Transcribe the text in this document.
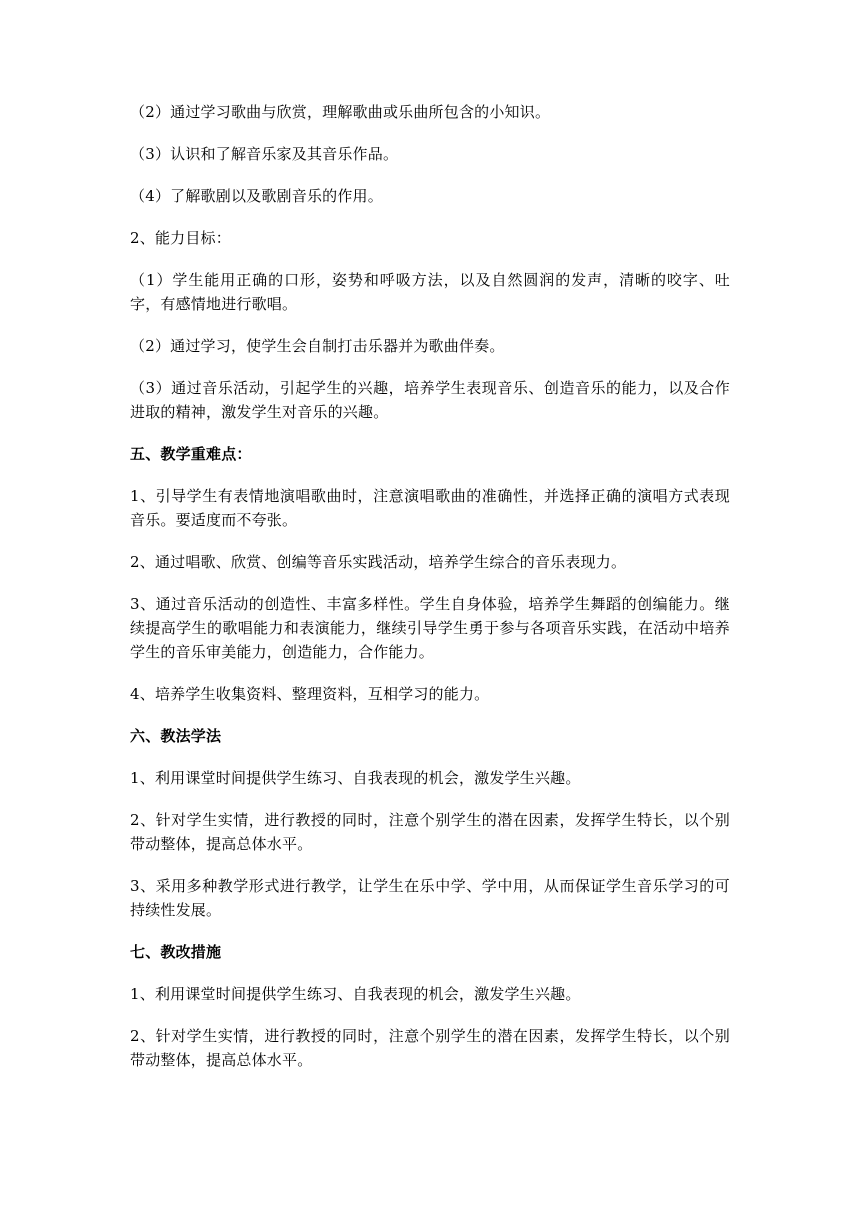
（2）通过学习歌曲与欣赏，理解歌曲或乐曲所包含的小知识。

（3）认识和了解音乐家及其音乐作品。

（4）了解歌剧以及歌剧音乐的作用。

2、能力目标：

（1）学生能用正确的口形，姿势和呼吸方法，以及自然圆润的发声，清晰的咬字、吐字，有感情地进行歌唱。

（2）通过学习，使学生会自制打击乐器并为歌曲伴奏。

（3）通过音乐活动，引起学生的兴趣，培养学生表现音乐、创造音乐的能力，以及合作进取的精神，激发学生对音乐的兴趣。

五、教学重难点：

1、引导学生有表情地演唱歌曲时，注意演唱歌曲的准确性，并选择正确的演唱方式表现音乐。要适度而不夸张。

2、通过唱歌、欣赏、创编等音乐实践活动，培养学生综合的音乐表现力。

3、通过音乐活动的创造性、丰富多样性。学生自身体验，培养学生舞蹈的创编能力。继续提高学生的歌唱能力和表演能力，继续引导学生勇于参与各项音乐实践，在活动中培养学生的音乐审美能力，创造能力，合作能力。

4、培养学生收集资料、整理资料，互相学习的能力。

六、教法学法

1、利用课堂时间提供学生练习、自我表现的机会，激发学生兴趣。

2、针对学生实情，进行教授的同时，注意个别学生的潜在因素，发挥学生特长，以个别带动整体，提高总体水平。

3、采用多种教学形式进行教学，让学生在乐中学、学中用，从而保证学生音乐学习的可持续性发展。

七、教改措施

1、利用课堂时间提供学生练习、自我表现的机会，激发学生兴趣。

2、针对学生实情，进行教授的同时，注意个别学生的潜在因素，发挥学生特长，以个别带动整体，提高总体水平。
